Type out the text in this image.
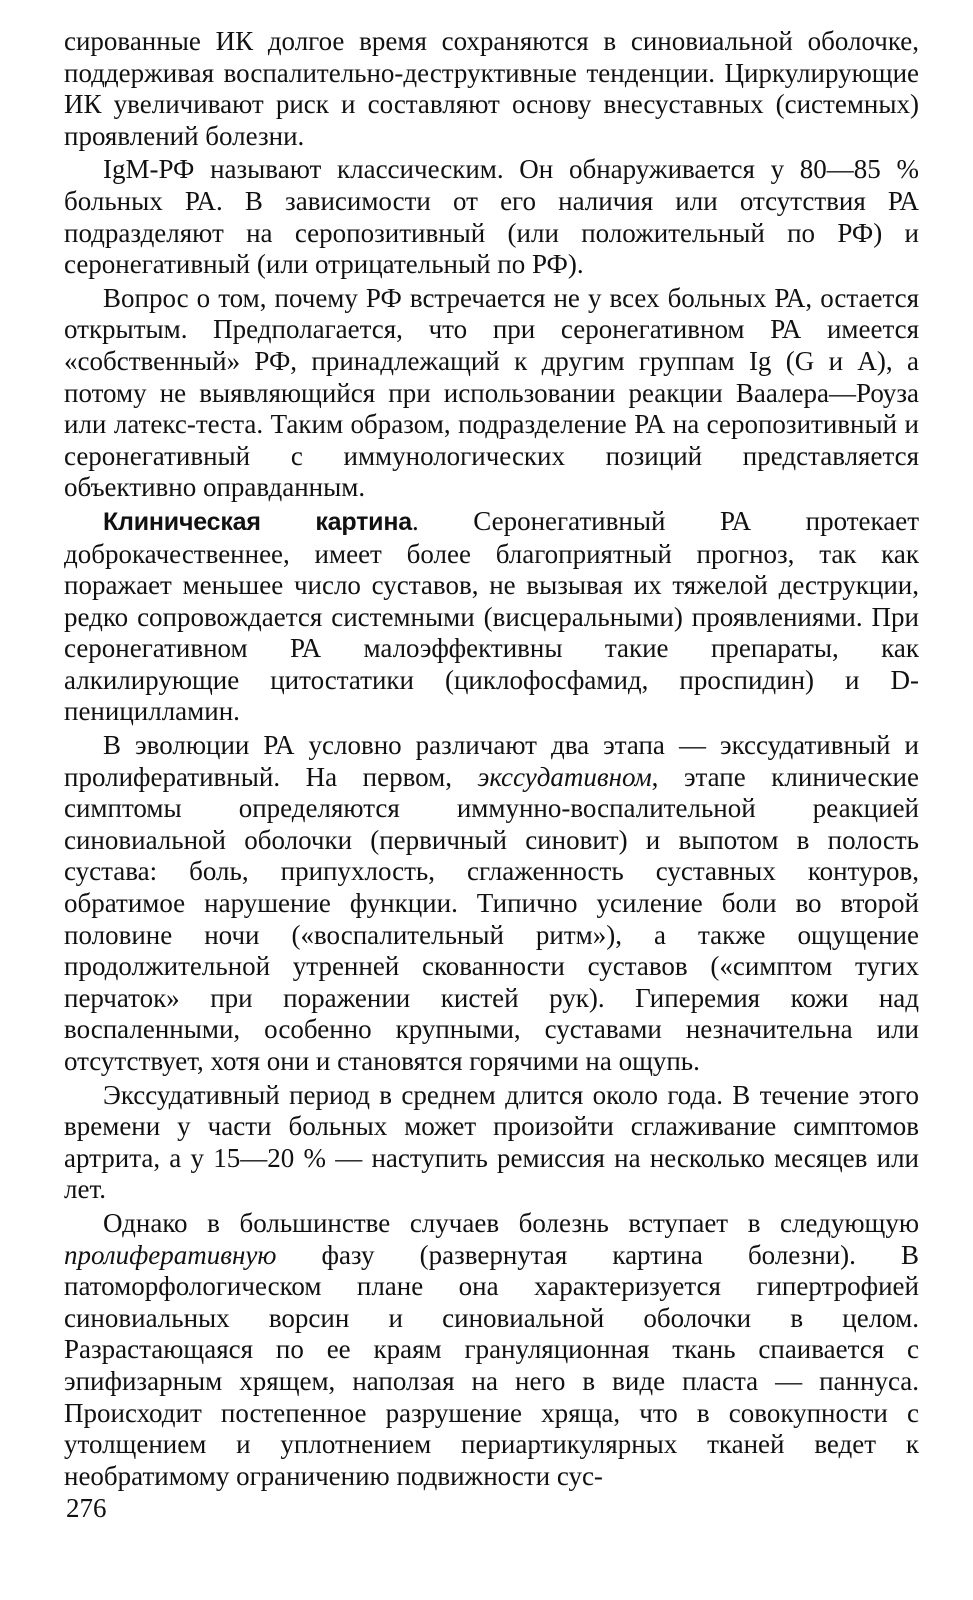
сированные ИК долгое время сохраняются в синовиальной оболочке, поддерживая воспалительно-деструктивные тенденции. Циркулирующие ИК увеличивают риск и составляют основу внесуставных (системных) проявлений болезни.

IgM-РФ называют классическим. Он обнаруживается у 80—85 % больных РА. В зависимости от его наличия или отсутствия РА подразделяют на серопозитивный (или положительный по РФ) и серонегативный (или отрицательный по РФ).

Вопрос о том, почему РФ встречается не у всех больных РА, остается открытым. Предполагается, что при серонегативном РА имеется «собственный» РФ, принадлежащий к другим группам Ig (G и A), а потому не выявляющийся при использовании реакции Ваалера—Роуза или латекс-теста. Таким образом, подразделение РА на серопозитивный и серонегативный с иммунологических позиций представляется объективно оправданным.

Клиническая картина. Серонегативный РА протекает доброкачественнее, имеет более благоприятный прогноз, так как поражает меньшее число суставов, не вызывая их тяжелой деструкции, редко сопровождается системными (висцеральными) проявлениями. При серонегативном РА малоэффективны такие препараты, как алкилирующие цитостатики (циклофосфамид, проспидин) и D-пеницилламин.

В эволюции РА условно различают два этапа — экссудативный и пролиферативный. На первом, экссудативном, этапе клинические симптомы определяются иммунно-воспалительной реакцией синовиальной оболочки (первичный синовит) и выпотом в полость сустава: боль, припухлость, сглаженность суставных контуров, обратимое нарушение функции. Типично усиление боли во второй половине ночи («воспалительный ритм»), а также ощущение продолжительной утренней скованности суставов («симптом тугих перчаток» при поражении кистей рук). Гиперемия кожи над воспаленными, особенно крупными, суставами незначительна или отсутствует, хотя они и становятся горячими на ощупь.

Экссудативный период в среднем длится около года. В течение этого времени у части больных может произойти сглаживание симптомов артрита, а у 15—20 % — наступить ремиссия на несколько месяцев или лет.

Однако в большинстве случаев болезнь вступает в следующую пролиферативную фазу (развернутая картина болезни). В патоморфологическом плане она характеризуется гипертрофией синовиальных ворсин и синовиальной оболочки в целом. Разрастающаяся по ее краям грануляционная ткань спаивается с эпифизарным хрящем, наползая на него в виде пласта — паннуса. Происходит постепенное разрушение хряща, что в совокупности с утолщением и уплотнением периартикулярных тканей ведет к необратимому ограничению подвижности сус-

276
